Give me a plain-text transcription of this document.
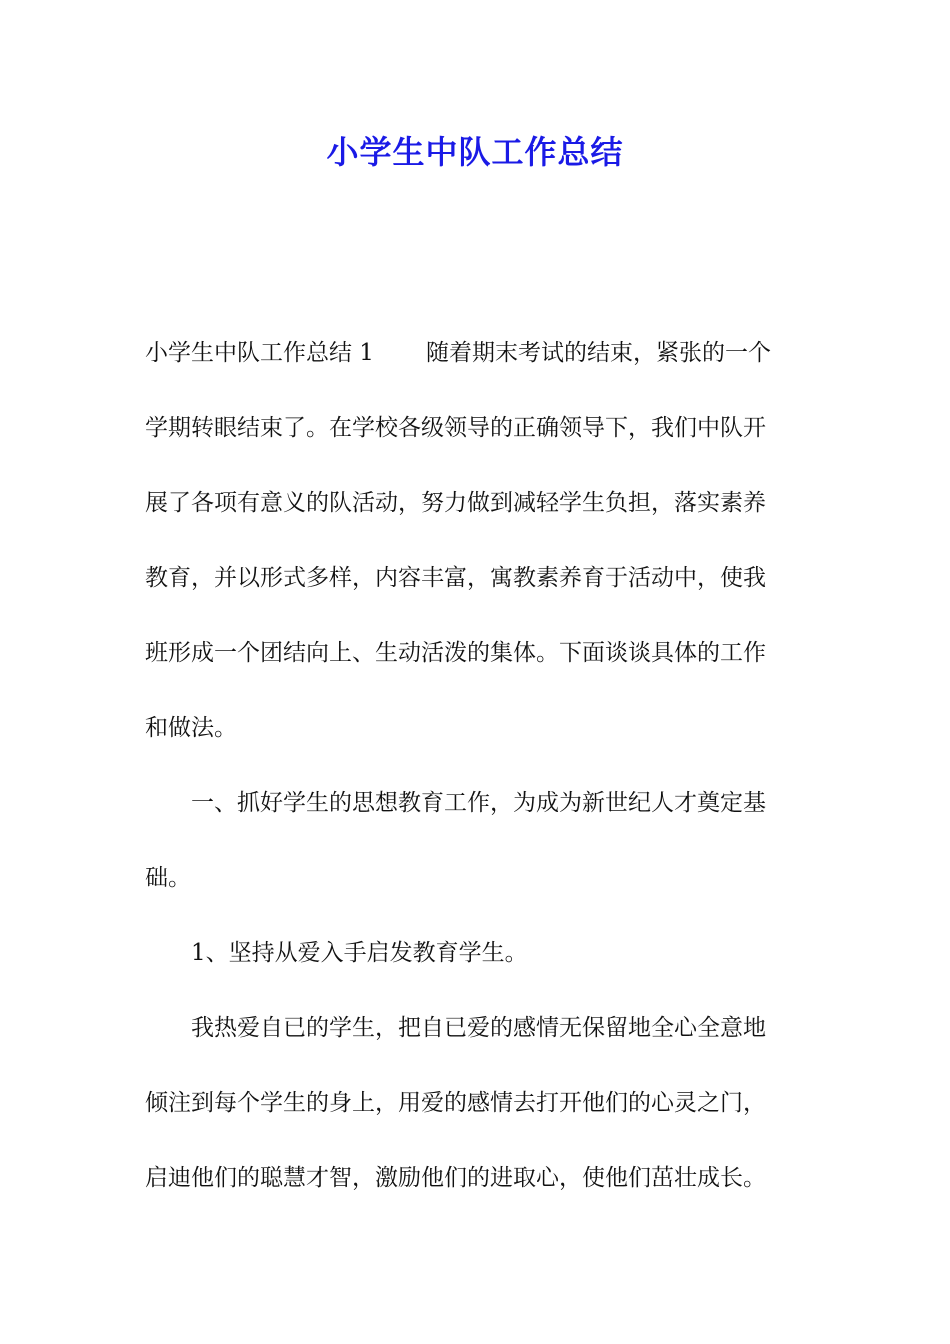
小学生中队工作总结
小学生中队工作总结 1 随着期末考试的结束，紧张的一个
学期转眼结束了。在学校各级领导的正确领导下，我们中队开
展了各项有意义的队活动，努力做到减轻学生负担，落实素养
教育，并以形式多样，内容丰富，寓教素养育于活动中，使我
班形成一个团结向上、生动活泼的集体。下面谈谈具体的工作
和做法。
一、抓好学生的思想教育工作，为成为新世纪人才奠定基
础。
1、坚持从爱入手启发教育学生。
我热爱自已的学生，把自已爱的感情无保留地全心全意地
倾注到每个学生的身上，用爱的感情去打开他们的心灵之门，
启迪他们的聪慧才智，激励他们的进取心，使他们茁壮成长。
